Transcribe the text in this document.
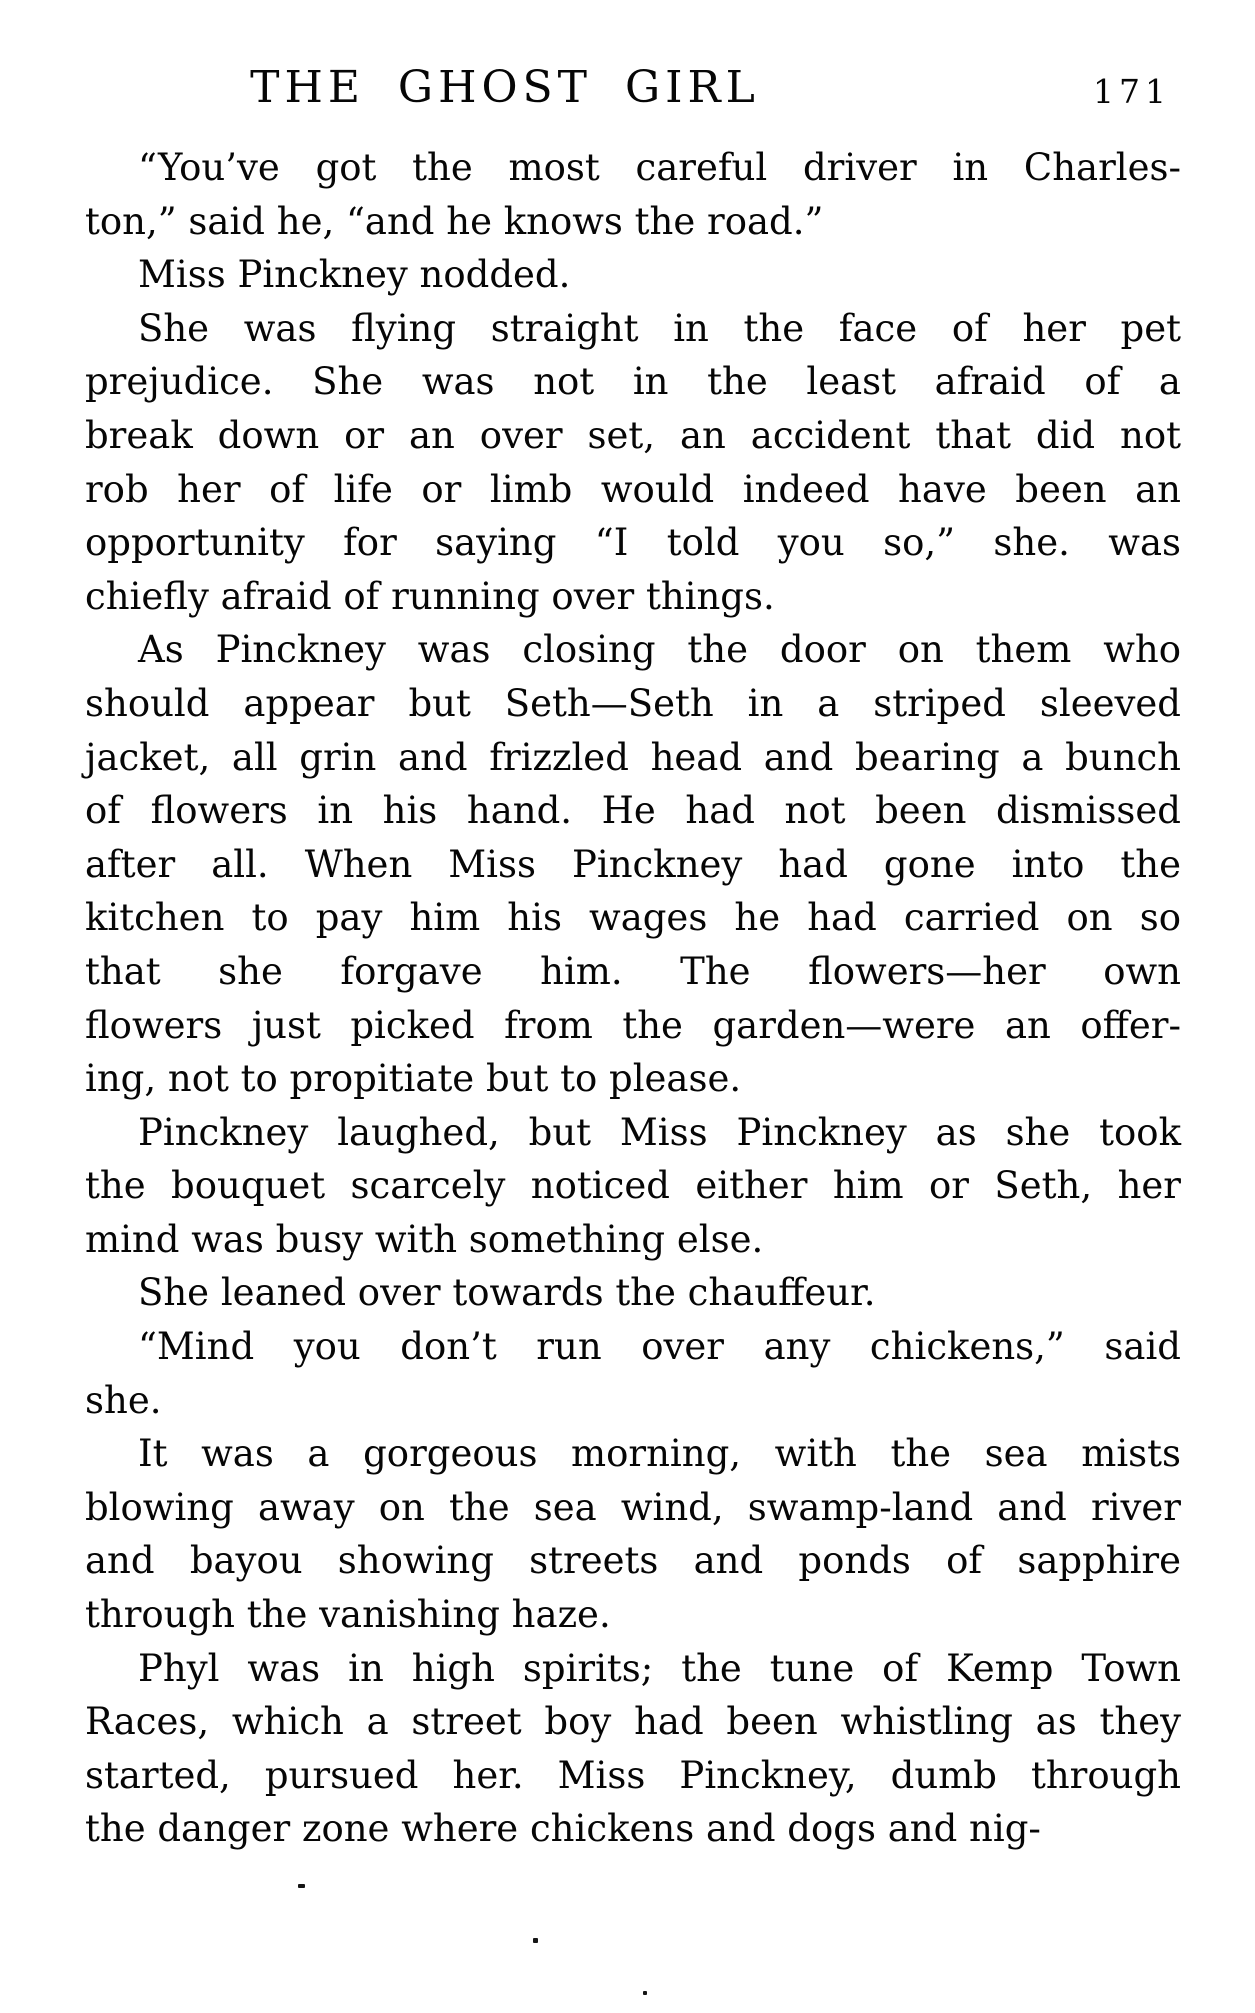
THE GHOST GIRL	171
“You’ve got the most careful driver in Charles-
ton,” said he, “and he knows the road.”
Miss Pinckney nodded.
She was flying straight in the face of her pet
prejudice. She was not in the least afraid of a
break down or an over set, an accident that did not
rob her of life or limb would indeed have been an
opportunity for saying “I told you so,” she. was
chiefly afraid of running over things.
As Pinckney was closing the door on them who
should appear but Seth—Seth in a striped sleeved
jacket, all grin and frizzled head and bearing a bunch
of flowers in his hand. He had not been dismissed
after all. When Miss Pinckney had gone into the
kitchen to pay him his wages he had carried on so
that she forgave him. The flowers—her own
flowers just picked from the garden—were an offer-
ing, not to propitiate but to please.
Pinckney laughed, but Miss Pinckney as she took
the bouquet scarcely noticed either him or Seth, her
mind was busy with something else.
She leaned over towards the chauffeur.
“Mind you don’t run over any chickens,” said
she.
It was a gorgeous morning, with the sea mists
blowing away on the sea wind, swamp-land and river
and bayou showing streets and ponds of sapphire
through the vanishing haze.
Phyl was in high spirits; the tune of Kemp Town
Races, which a street boy had been whistling as they
started, pursued her. Miss Pinckney, dumb through
the danger zone where chickens and dogs and nig-
